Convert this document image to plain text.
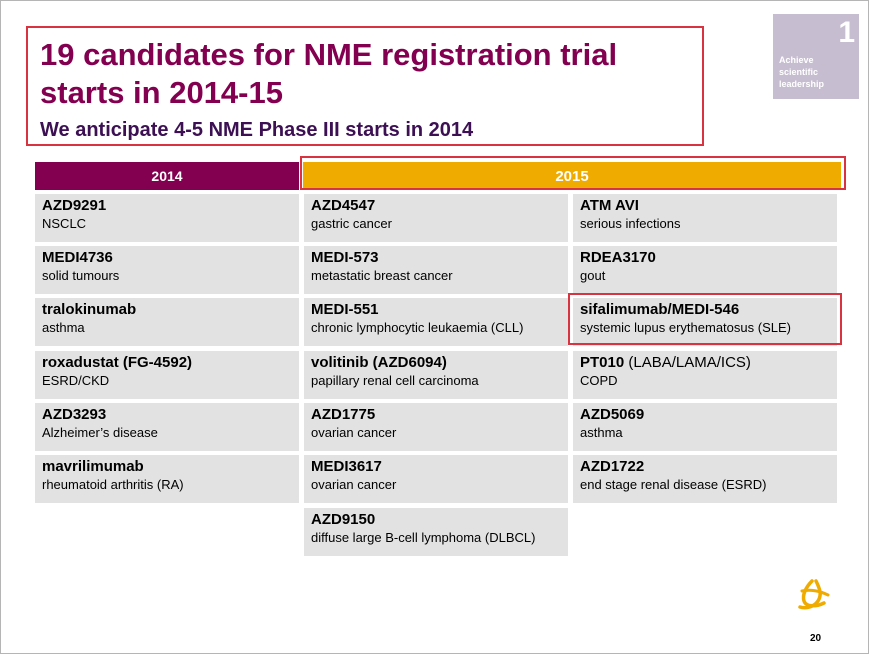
19 candidates for NME registration trial starts in 2014-15
We anticipate 4-5 NME Phase III starts in 2014
1
Achieve scientific leadership
2014	2015
AZD9291
NSCLC
MEDI4736
solid tumours
tralokinumab
asthma
roxadustat (FG-4592)
ESRD/CKD
AZD3293
Alzheimer’s disease
mavrilimumab
rheumatoid arthritis (RA)
AZD4547
gastric cancer
MEDI-573
metastatic breast cancer
MEDI-551
chronic lymphocytic leukaemia (CLL)
volitinib (AZD6094)
papillary renal cell carcinoma
AZD1775
ovarian cancer
MEDI3617
ovarian cancer
AZD9150
diffuse large B-cell lymphoma (DLBCL)
ATM AVI
serious infections
RDEA3170
gout
sifalimumab/MEDI-546
systemic lupus erythematosus (SLE)
PT010 (LABA/LAMA/ICS)
COPD
AZD5069
asthma
AZD1722
end stage renal disease (ESRD)
20
